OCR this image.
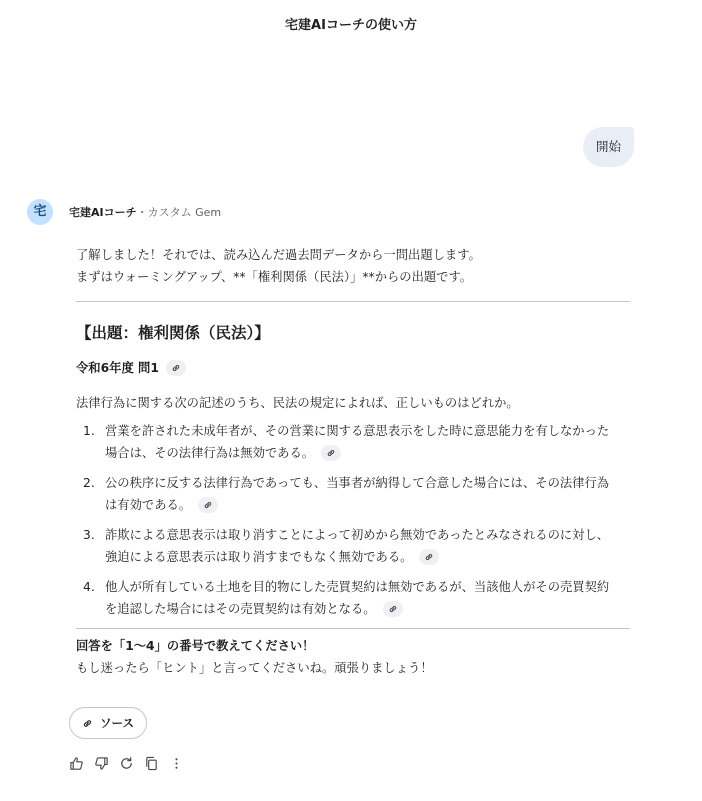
宅建AIコーチの使い方
開始
宅	宅建AIコーチ・カスタム Gem
了解しました！それでは、読み込んだ過去問データから一問出題します。
まずはウォーミングアップ、**「権利関係（民法）」**からの出題です。
【出題：権利関係（民法）】
令和6年度 問1
法律行為に関する次の記述のうち、民法の規定によれば、正しいものはどれか。
1. 営業を許された未成年者が、その営業に関する意思表示をした時に意思能力を有しなかった
場合は、その法律行為は無効である。
2. 公の秩序に反する法律行為であっても、当事者が納得して合意した場合には、その法律行為
は有効である。
3. 詐欺による意思表示は取り消すことによって初めから無効であったとみなされるのに対し、
強迫による意思表示は取り消すまでもなく無効である。
4. 他人が所有している土地を目的物にした売買契約は無効であるが、当該他人がその売買契約
を追認した場合にはその売買契約は有効となる。
回答を「1〜4」の番号で教えてください！
もし迷ったら「ヒント」と言ってくださいね。頑張りましょう！
ソース
